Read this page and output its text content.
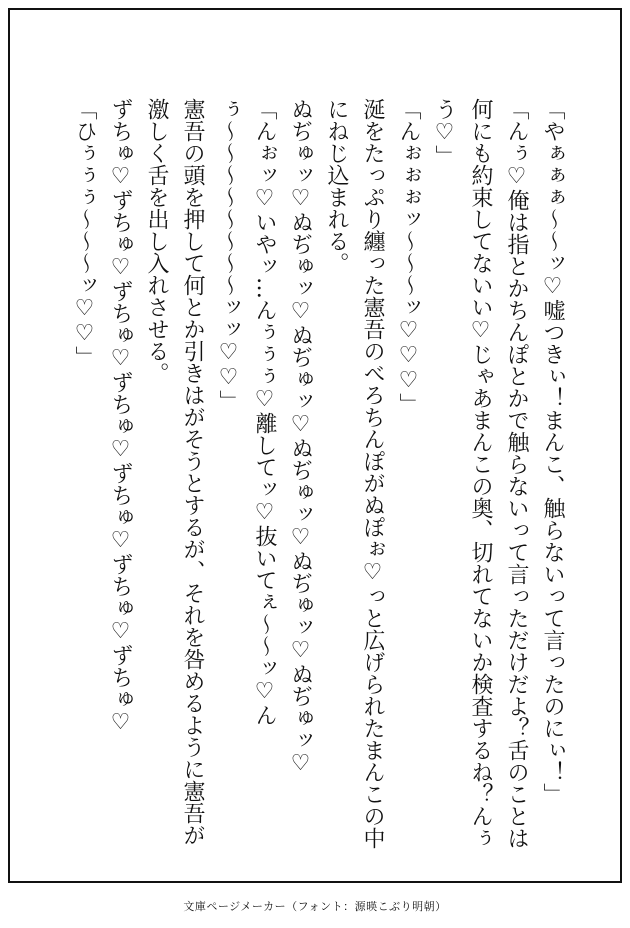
「やぁぁぁ〜〜ッ♡嘘つきぃ！まんこ、触らないって言ったのにぃ！」

「んぅ♡俺は指とかちんぽとかで触らないって言っただけだよ？舌のことは何にも約束してないい♡じゃあまんこの奥、切れてないか検査するね？んぅう♡」

「んぉぉぉッ〜〜〜ッ♡♡♡」

涎をたっぷり纏った憲吾のべろちんぽがぬぽぉ♡っと広げられたまんこの中にねじ込まれる。

ぬぢゅッ♡ぬぢゅッ♡ぬぢゅッ♡ぬぢゅッ♡ぬぢゅッ♡ぬぢゅッ♡

「んぉッ♡いやッ…んぅぅぅ♡離してッ♡抜いてぇ〜〜ッ♡んぅ〜〜〜〜〜〜〜〜ッッ♡♡」

憲吾の頭を押して何とか引きはがそうとするが、それを咎めるように憲吾が激しく舌を出し入れさせる。

ずちゅ♡ずちゅ♡ずちゅ♡ずちゅ♡ずちゅ♡ずちゅ♡ずちゅ♡

「ひぅぅぅ〜〜〜ッ♡♡」

文庫ページメーカー（フォント：源暎こぶり明朝）
